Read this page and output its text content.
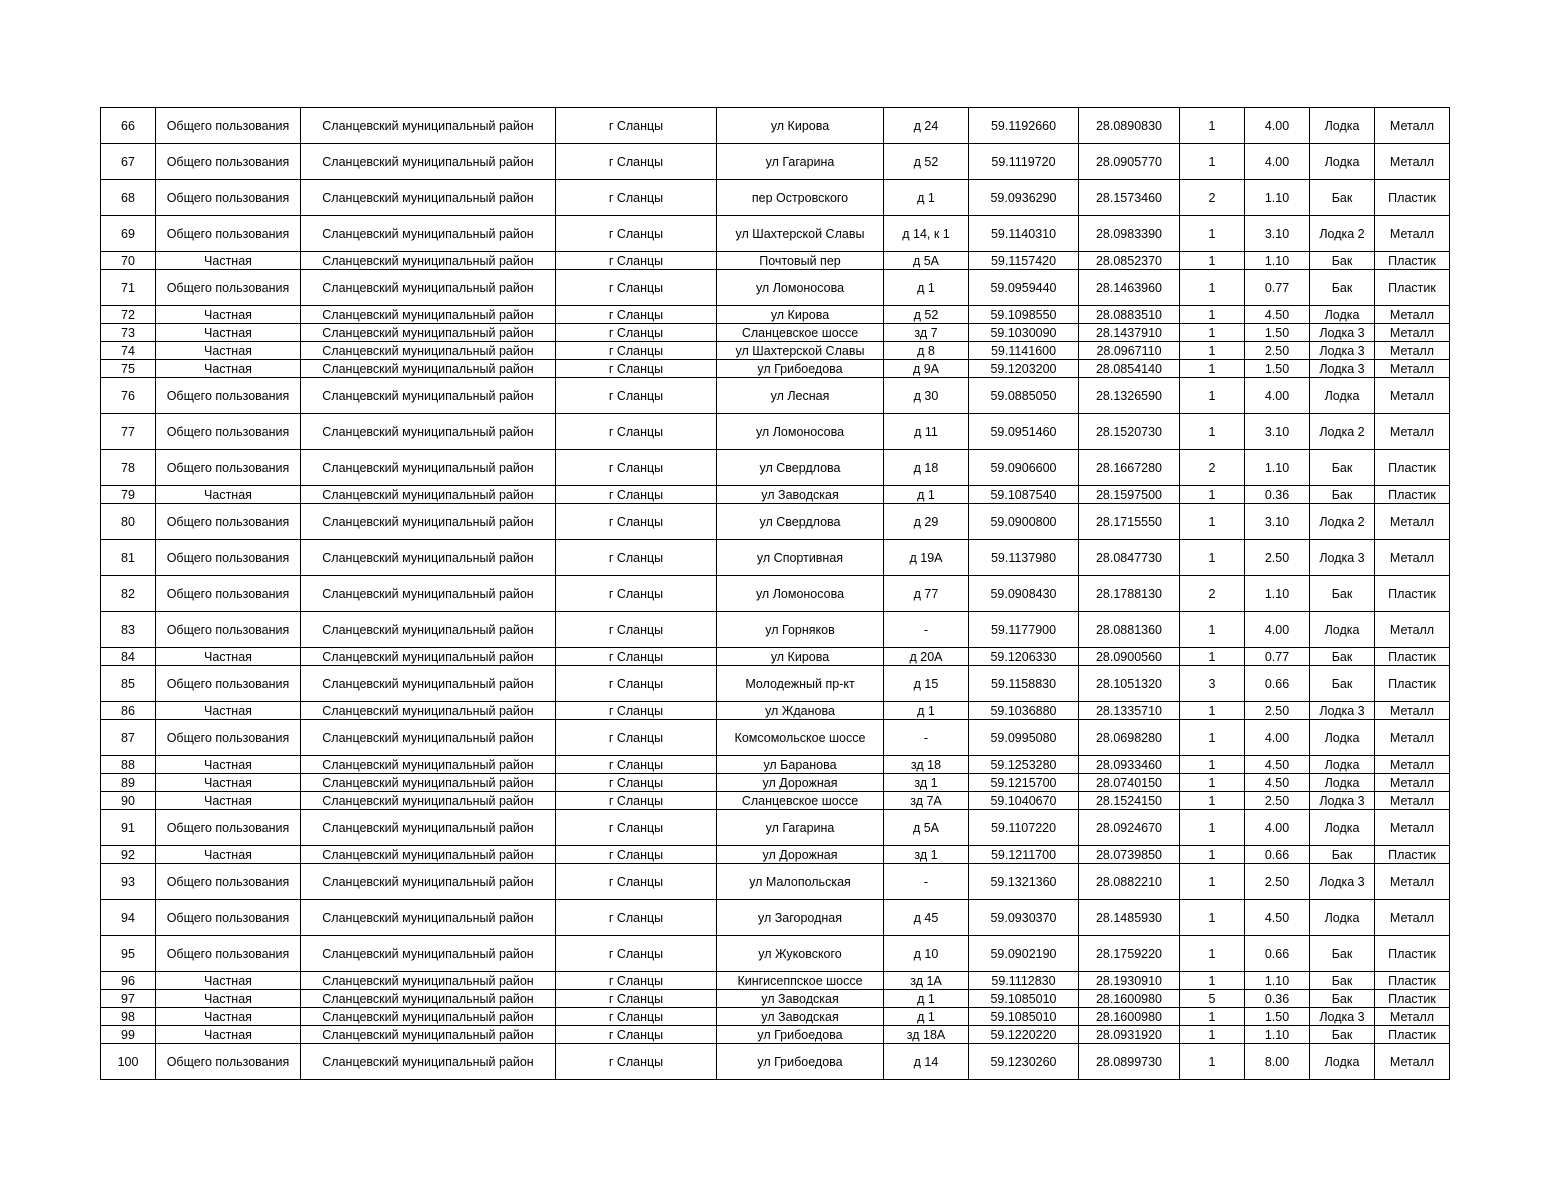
66	Общего пользования	Сланцевский муниципальный район	г Сланцы	ул Кирова	д 24	59.1192660	28.0890830	1	4.00	Лодка	Металл
67	Общего пользования	Сланцевский муниципальный район	г Сланцы	ул Гагарина	д 52	59.1119720	28.0905770	1	4.00	Лодка	Металл
68	Общего пользования	Сланцевский муниципальный район	г Сланцы	пер Островского	д 1	59.0936290	28.1573460	2	1.10	Бак	Пластик
69	Общего пользования	Сланцевский муниципальный район	г Сланцы	ул Шахтерской Славы	д 14, к 1	59.1140310	28.0983390	1	3.10	Лодка 2	Металл
70	Частная	Сланцевский муниципальный район	г Сланцы	Почтовый пер	д 5А	59.1157420	28.0852370	1	1.10	Бак	Пластик
71	Общего пользования	Сланцевский муниципальный район	г Сланцы	ул Ломоносова	д 1	59.0959440	28.1463960	1	0.77	Бак	Пластик
72	Частная	Сланцевский муниципальный район	г Сланцы	ул Кирова	д 52	59.1098550	28.0883510	1	4.50	Лодка	Металл
73	Частная	Сланцевский муниципальный район	г Сланцы	Сланцевское шоссе	зд 7	59.1030090	28.1437910	1	1.50	Лодка 3	Металл
74	Частная	Сланцевский муниципальный район	г Сланцы	ул Шахтерской Славы	д 8	59.1141600	28.0967110	1	2.50	Лодка 3	Металл
75	Частная	Сланцевский муниципальный район	г Сланцы	ул Грибоедова	д 9А	59.1203200	28.0854140	1	1.50	Лодка 3	Металл
76	Общего пользования	Сланцевский муниципальный район	г Сланцы	ул Лесная	д 30	59.0885050	28.1326590	1	4.00	Лодка	Металл
77	Общего пользования	Сланцевский муниципальный район	г Сланцы	ул Ломоносова	д 11	59.0951460	28.1520730	1	3.10	Лодка 2	Металл
78	Общего пользования	Сланцевский муниципальный район	г Сланцы	ул Свердлова	д 18	59.0906600	28.1667280	2	1.10	Бак	Пластик
79	Частная	Сланцевский муниципальный район	г Сланцы	ул Заводская	д 1	59.1087540	28.1597500	1	0.36	Бак	Пластик
80	Общего пользования	Сланцевский муниципальный район	г Сланцы	ул Свердлова	д 29	59.0900800	28.1715550	1	3.10	Лодка 2	Металл
81	Общего пользования	Сланцевский муниципальный район	г Сланцы	ул Спортивная	д 19А	59.1137980	28.0847730	1	2.50	Лодка 3	Металл
82	Общего пользования	Сланцевский муниципальный район	г Сланцы	ул Ломоносова	д 77	59.0908430	28.1788130	2	1.10	Бак	Пластик
83	Общего пользования	Сланцевский муниципальный район	г Сланцы	ул Горняков	-	59.1177900	28.0881360	1	4.00	Лодка	Металл
84	Частная	Сланцевский муниципальный район	г Сланцы	ул Кирова	д 20А	59.1206330	28.0900560	1	0.77	Бак	Пластик
85	Общего пользования	Сланцевский муниципальный район	г Сланцы	Молодежный пр-кт	д 15	59.1158830	28.1051320	3	0.66	Бак	Пластик
86	Частная	Сланцевский муниципальный район	г Сланцы	ул Жданова	д 1	59.1036880	28.1335710	1	2.50	Лодка 3	Металл
87	Общего пользования	Сланцевский муниципальный район	г Сланцы	Комсомольское шоссе	-	59.0995080	28.0698280	1	4.00	Лодка	Металл
88	Частная	Сланцевский муниципальный район	г Сланцы	ул Баранова	зд 18	59.1253280	28.0933460	1	4.50	Лодка	Металл
89	Частная	Сланцевский муниципальный район	г Сланцы	ул Дорожная	зд 1	59.1215700	28.0740150	1	4.50	Лодка	Металл
90	Частная	Сланцевский муниципальный район	г Сланцы	Сланцевское шоссе	зд 7А	59.1040670	28.1524150	1	2.50	Лодка 3	Металл
91	Общего пользования	Сланцевский муниципальный район	г Сланцы	ул Гагарина	д 5А	59.1107220	28.0924670	1	4.00	Лодка	Металл
92	Частная	Сланцевский муниципальный район	г Сланцы	ул Дорожная	зд 1	59.1211700	28.0739850	1	0.66	Бак	Пластик
93	Общего пользования	Сланцевский муниципальный район	г Сланцы	ул Малопольская	-	59.1321360	28.0882210	1	2.50	Лодка 3	Металл
94	Общего пользования	Сланцевский муниципальный район	г Сланцы	ул Загородная	д 45	59.0930370	28.1485930	1	4.50	Лодка	Металл
95	Общего пользования	Сланцевский муниципальный район	г Сланцы	ул Жуковского	д 10	59.0902190	28.1759220	1	0.66	Бак	Пластик
96	Частная	Сланцевский муниципальный район	г Сланцы	Кингисеппское шоссе	зд 1А	59.1112830	28.1930910	1	1.10	Бак	Пластик
97	Частная	Сланцевский муниципальный район	г Сланцы	ул Заводская	д 1	59.1085010	28.1600980	5	0.36	Бак	Пластик
98	Частная	Сланцевский муниципальный район	г Сланцы	ул Заводская	д 1	59.1085010	28.1600980	1	1.50	Лодка 3	Металл
99	Частная	Сланцевский муниципальный район	г Сланцы	ул Грибоедова	зд 18А	59.1220220	28.0931920	1	1.10	Бак	Пластик
100	Общего пользования	Сланцевский муниципальный район	г Сланцы	ул Грибоедова	д 14	59.1230260	28.0899730	1	8.00	Лодка	Металл
